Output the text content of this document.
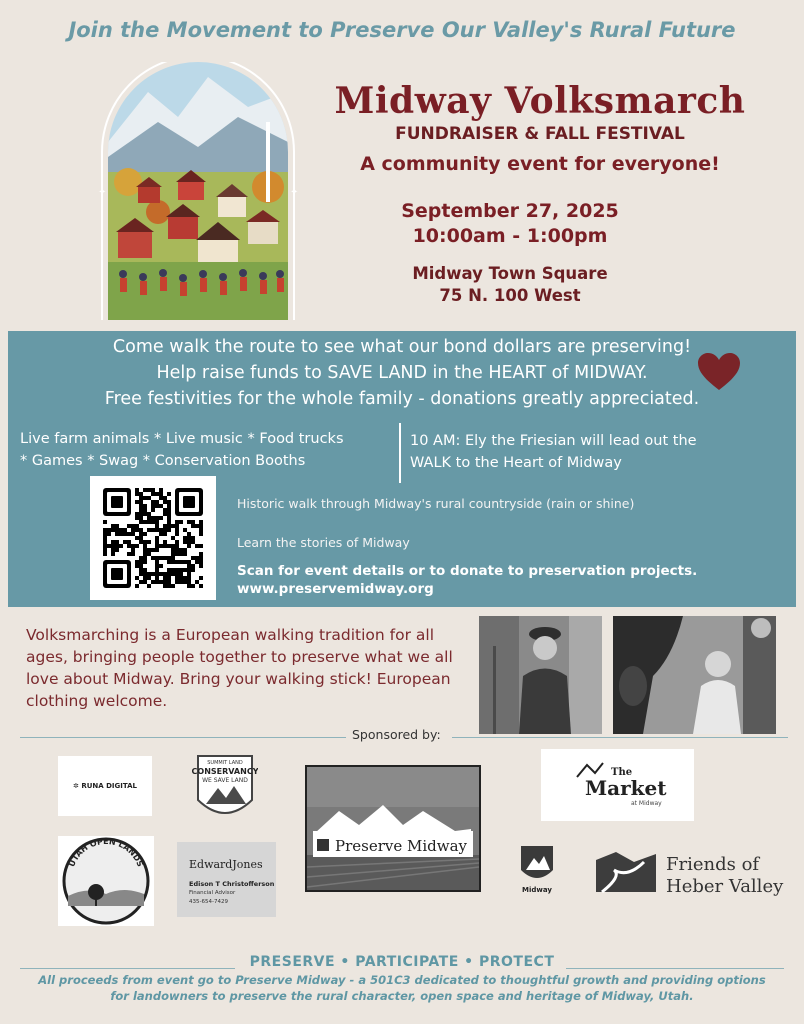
Join the Movement to Preserve Our Valley's Rural Future
✦	✦
Midway Volksmarch
FUNDRAISER & FALL FESTIVAL
A community event for everyone!
September 27, 2025
10:00am - 1:00pm
Midway Town Square
75 N. 100 West
Come walk the route to see what our bond dollars are preserving!
Help raise funds to SAVE LAND in the HEART of MIDWAY.
Free festivities for the whole family - donations greatly appreciated.
Live farm animals * Live music * Food trucks
* Games * Swag * Conservation Booths
10 AM: Ely the Friesian will lead out the
WALK to the Heart of Midway
Historic walk through Midway's rural countryside (rain or shine)
Learn the stories of Midway
Scan for event details or to donate to preservation projects.
www.preservemidway.org
Volksmarching is a European walking tradition for all ages, bringing people together to preserve what we all love about Midway. Bring your walking stick! European clothing welcome.
Sponsored by:
✲ RUNA DIGITAL
SUMMIT LAND
CONSERVANCY
WE SAVE LAND
Preserve Midway
The
Market
at Midway
UTAH OPEN LANDS	EdwardJones
Edison T Christofferson
Financial Advisor
435-654-7429
Midway
Friends of
Heber Valley
PRESERVE • PARTICIPATE • PROTECT
All proceeds from event go to Preserve Midway - a 501C3 dedicated to thoughtful growth and providing options for landowners to preserve the rural character, open space and heritage of Midway, Utah.
